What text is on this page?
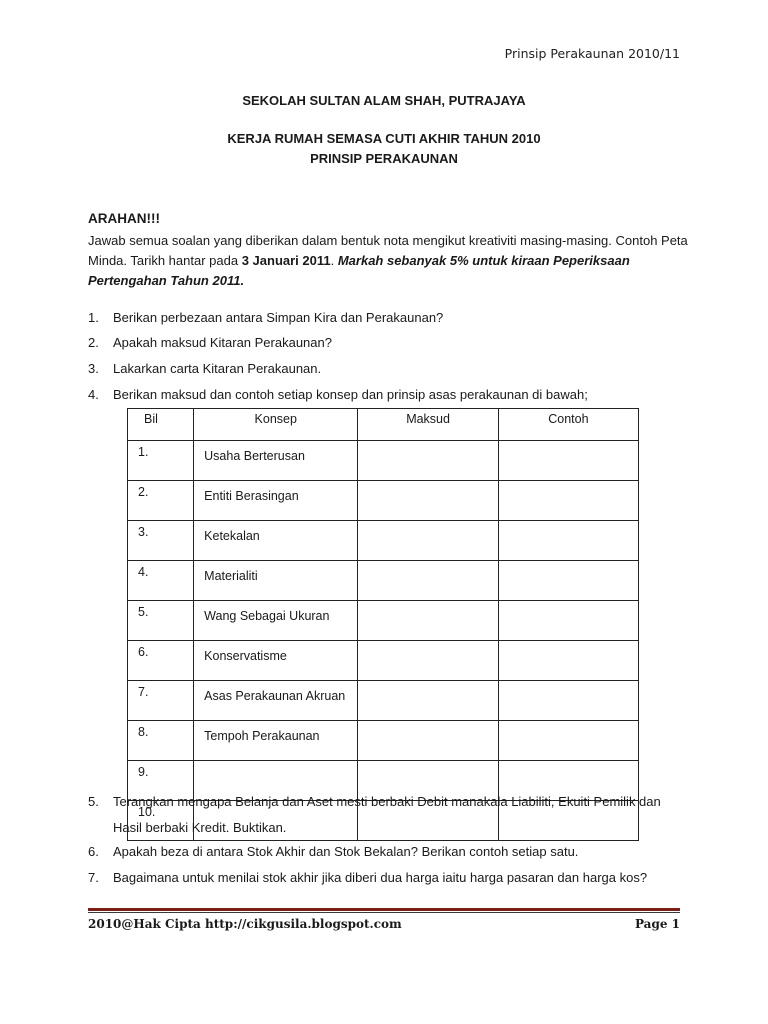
Prinsip Perakaunan 2010/11
SEKOLAH SULTAN ALAM SHAH, PUTRAJAYA
KERJA RUMAH SEMASA CUTI AKHIR TAHUN 2010
PRINSIP PERAKAUNAN
ARAHAN!!!
Jawab semua soalan yang diberikan dalam bentuk nota mengikut kreativiti masing-masing. Contoh Peta Minda. Tarikh hantar pada 3 Januari 2011. Markah sebanyak 5% untuk kiraan Peperiksaan Pertengahan Tahun 2011.
1. Berikan perbezaan antara Simpan Kira dan Perakaunan?
2. Apakah maksud Kitaran Perakaunan?
3. Lakarkan carta Kitaran Perakaunan.
4. Berikan maksud dan contoh setiap konsep dan prinsip asas perakaunan di bawah;
Bil	Konsep	Maksud	Contoh
1.	Usaha Berterusan		
2.	Entiti Berasingan		
3.	Ketekalan		
4.	Materialiti		
5.	Wang Sebagai Ukuran		
6.	Konservatisme		
7.	Asas Perakaunan Akruan		
8.	Tempoh Perakaunan		
9.			
10.			
5. Terangkan mengapa Belanja dan Aset mesti berbaki Debit manakala Liabiliti, Ekuiti Pemilik dan Hasil berbaki Kredit. Buktikan.
6. Apakah beza di antara Stok Akhir dan Stok Bekalan? Berikan contoh setiap satu.
7. Bagaimana untuk menilai stok akhir jika diberi dua harga iaitu harga pasaran dan harga kos?
2010@Hak Cipta http://cikgusila.blogspot.com	Page 1
